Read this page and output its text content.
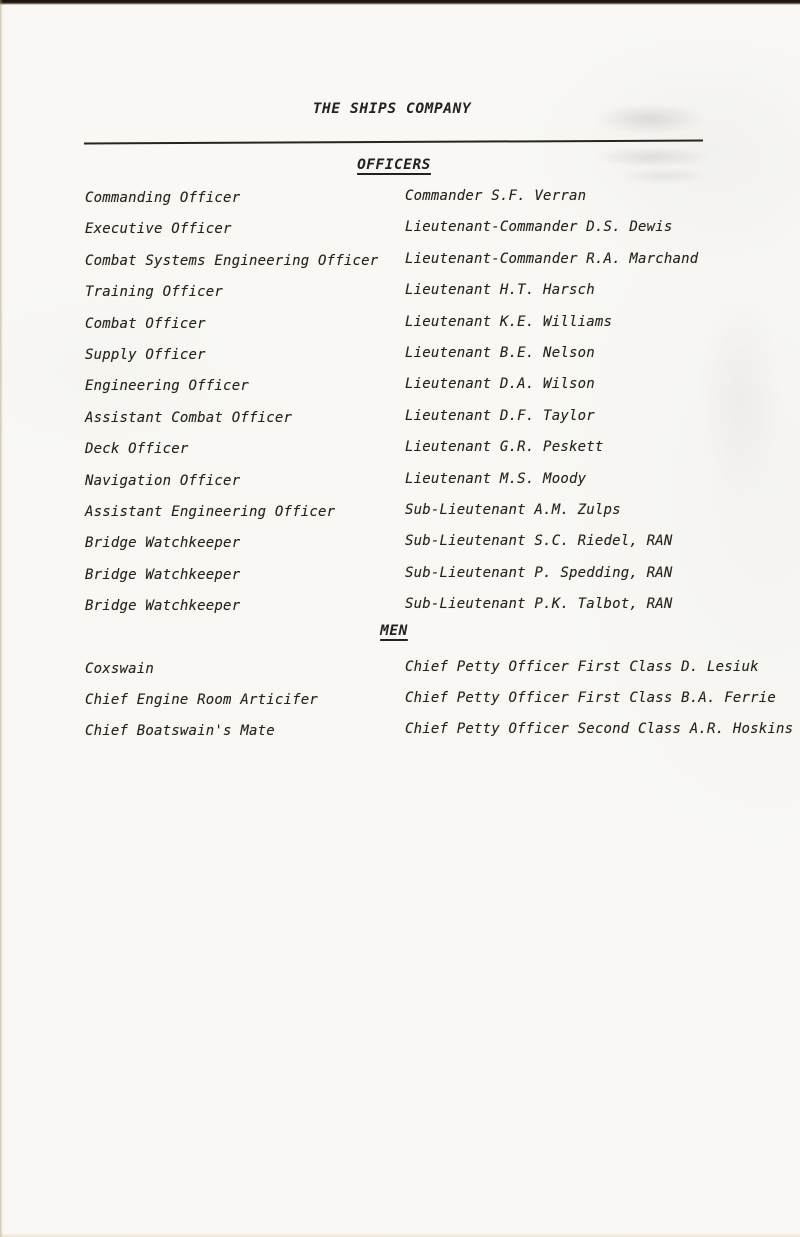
THE SHIPS COMPANY
OFFICERS
Commanding Officer	Commander S.F. Verran
Executive Officer	Lieutenant-Commander D.S. Dewis
Combat Systems Engineering Officer Lieutenant-Commander R.A. Marchand
Training Officer	Lieutenant H.T. Harsch
Combat Officer	Lieutenant K.E. Williams
Supply Officer	Lieutenant B.E. Nelson
Engineering Officer	Lieutenant D.A. Wilson
Assistant Combat Officer	Lieutenant D.F. Taylor
Deck Officer	Lieutenant G.R. Peskett
Navigation Officer	Lieutenant M.S. Moody
Assistant Engineering Officer	Sub-Lieutenant A.M. Zulps
Bridge Watchkeeper	Sub-Lieutenant S.C. Riedel, RAN
Bridge Watchkeeper	Sub-Lieutenant P. Spedding, RAN
Bridge Watchkeeper	Sub-Lieutenant P.K. Talbot, RAN
MEN
Coxswain	Chief Petty Officer First Class D. Lesiuk
Chief Engine Room Articifer	Chief Petty Officer First Class B.A. Ferrie
Chief Boatswain's Mate	Chief Petty Officer Second Class A.R. Hoskins
